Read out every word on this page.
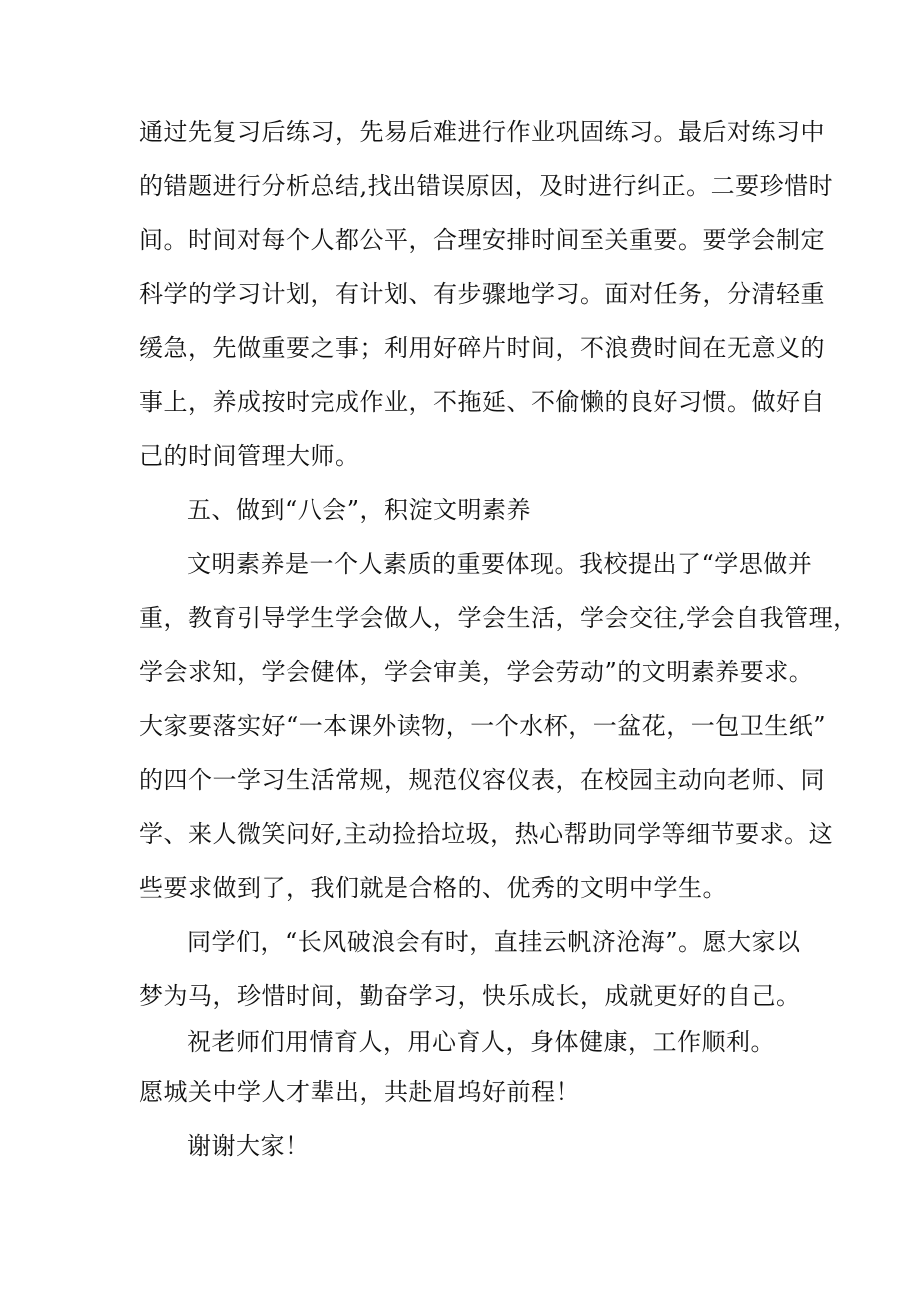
通过先复习后练习，先易后难进行作业巩固练习。最后对练习中
的错题进行分析总结,找出错误原因，及时进行纠正。二要珍惜时
间。时间对每个人都公平，合理安排时间至关重要。要学会制定
科学的学习计划，有计划、有步骤地学习。面对任务，分清轻重
缓急，先做重要之事；利用好碎片时间，不浪费时间在无意义的
事上，养成按时完成作业，不拖延、不偷懒的良好习惯。做好自
己的时间管理大师。
五、做到“八会”，积淀文明素养
文明素养是一个人素质的重要体现。我校提出了“学思做并
重，教育引导学生学会做人，学会生活，学会交往,学会自我管理，
学会求知，学会健体，学会审美，学会劳动”的文明素养要求。
大家要落实好“一本课外读物，一个水杯，一盆花，一包卫生纸”
的四个一学习生活常规，规范仪容仪表，在校园主动向老师、同
学、来人微笑问好,主动捡拾垃圾，热心帮助同学等细节要求。这
些要求做到了，我们就是合格的、优秀的文明中学生。
同学们，“长风破浪会有时，直挂云帆济沧海”。愿大家以
梦为马，珍惜时间，勤奋学习，快乐成长，成就更好的自己。
祝老师们用情育人，用心育人，身体健康，工作顺利。
愿城关中学人才辈出，共赴眉坞好前程！
谢谢大家！
